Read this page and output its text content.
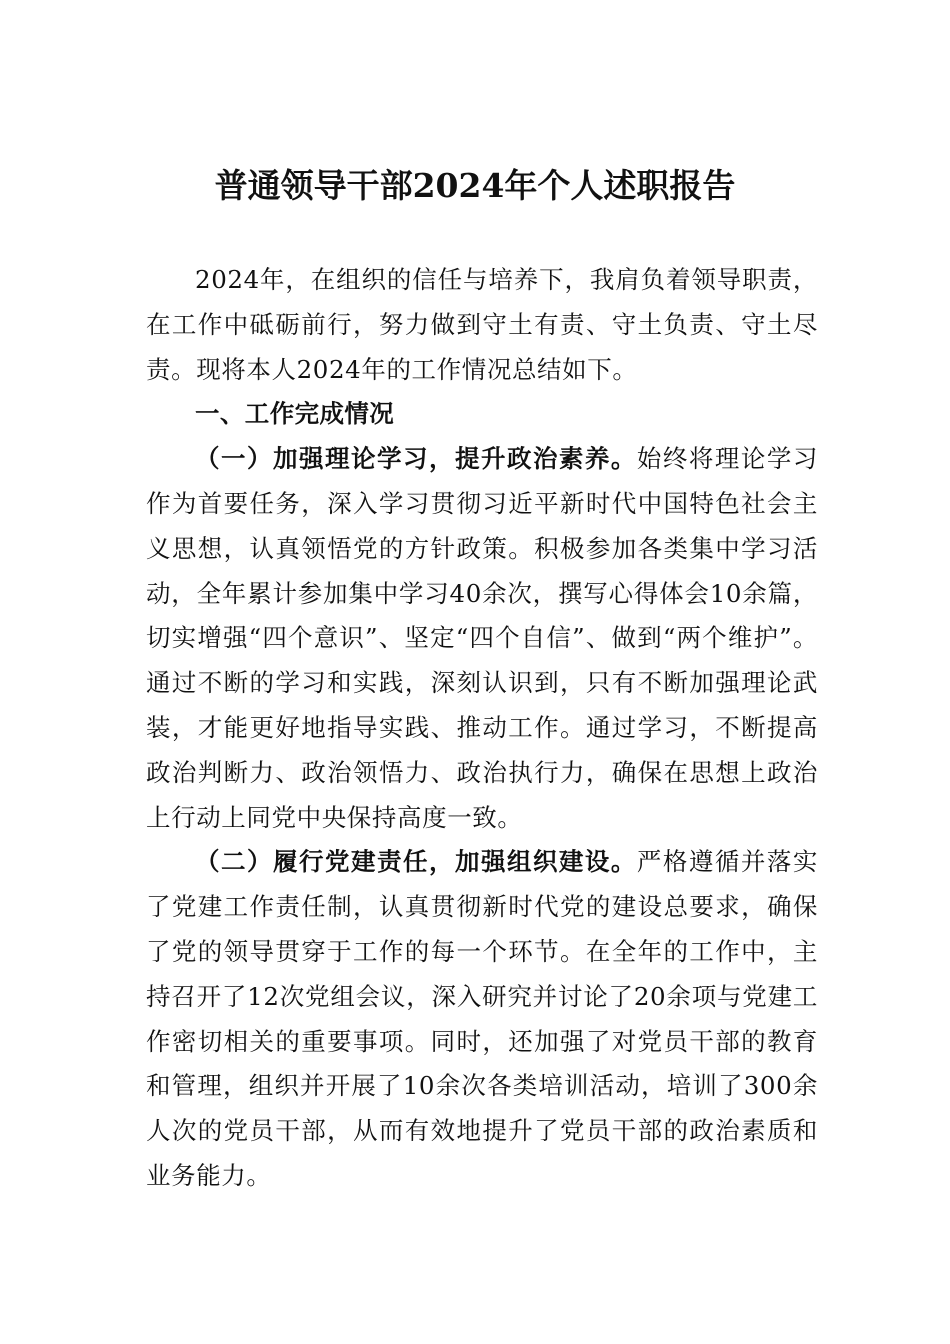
普通领导干部2024年个人述职报告

2024年，在组织的信任与培养下，我肩负着领导职责，在工作中砥砺前行，努力做到守土有责、守土负责、守土尽责。现将本人2024年的工作情况总结如下。

一、工作完成情况

（一）加强理论学习，提升政治素养。始终将理论学习作为首要任务，深入学习贯彻习近平新时代中国特色社会主义思想，认真领悟党的方针政策。积极参加各类集中学习活动，全年累计参加集中学习40余次，撰写心得体会10余篇，切实增强“四个意识”、坚定“四个自信”、做到“两个维护”。通过不断的学习和实践，深刻认识到，只有不断加强理论武装，才能更好地指导实践、推动工作。通过学习，不断提高政治判断力、政治领悟力、政治执行力，确保在思想上政治上行动上同党中央保持高度一致。

（二）履行党建责任，加强组织建设。严格遵循并落实了党建工作责任制，认真贯彻新时代党的建设总要求，确保了党的领导贯穿于工作的每一个环节。在全年的工作中，主持召开了12次党组会议，深入研究并讨论了20余项与党建工作密切相关的重要事项。同时，还加强了对党员干部的教育和管理，组织并开展了10余次各类培训活动，培训了300余人次的党员干部，从而有效地提升了党员干部的政治素质和业务能力。
